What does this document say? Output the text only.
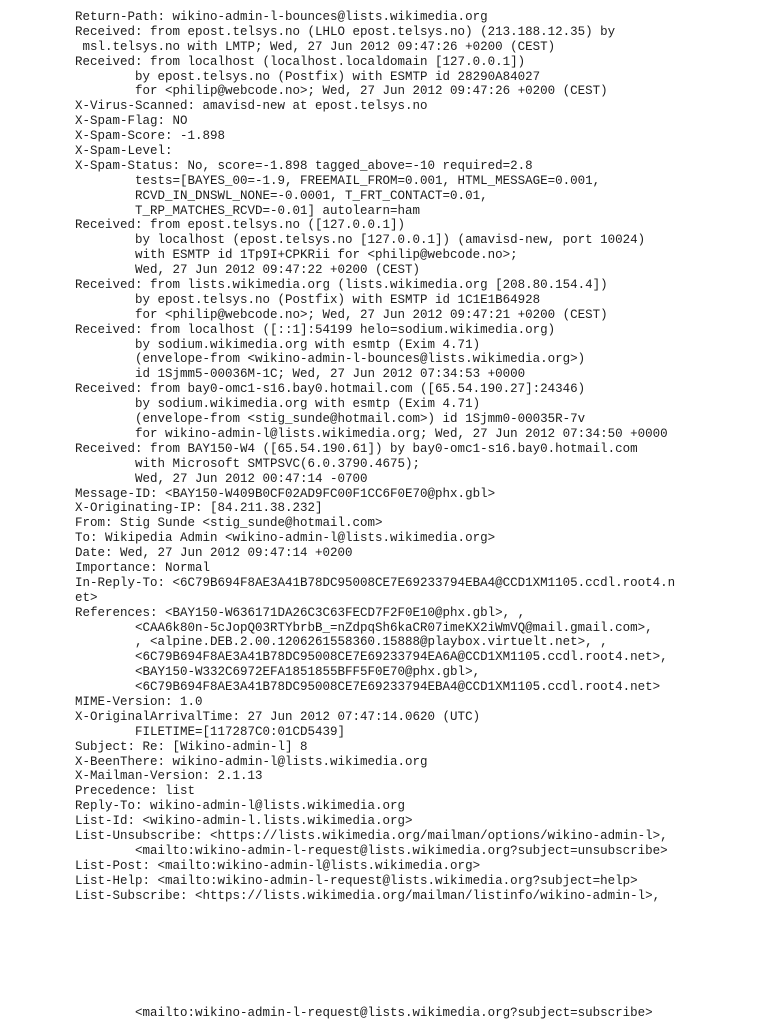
Return-Path: wikino-admin-l-bounces@lists.wikimedia.org
Received: from epost.telsys.no (LHLO epost.telsys.no) (213.188.12.35) by
msl.telsys.no with LMTP; Wed, 27 Jun 2012 09:47:26 +0200 (CEST)
Received: from localhost (localhost.localdomain [127.0.0.1])
by epost.telsys.no (Postfix) with ESMTP id 28290A84027
for <philip@webcode.no>; Wed, 27 Jun 2012 09:47:26 +0200 (CEST)
X-Virus-Scanned: amavisd-new at epost.telsys.no
X-Spam-Flag: NO
X-Spam-Score: -1.898
X-Spam-Level:
X-Spam-Status: No, score=-1.898 tagged_above=-10 required=2.8
tests=[BAYES_00=-1.9, FREEMAIL_FROM=0.001, HTML_MESSAGE=0.001,
RCVD_IN_DNSWL_NONE=-0.0001, T_FRT_CONTACT=0.01,
T_RP_MATCHES_RCVD=-0.01] autolearn=ham
Received: from epost.telsys.no ([127.0.0.1])
by localhost (epost.telsys.no [127.0.0.1]) (amavisd-new, port 10024)
with ESMTP id 1Tp9I+CPKRii for <philip@webcode.no>;
Wed, 27 Jun 2012 09:47:22 +0200 (CEST)
Received: from lists.wikimedia.org (lists.wikimedia.org [208.80.154.4])
by epost.telsys.no (Postfix) with ESMTP id 1C1E1B64928
for <philip@webcode.no>; Wed, 27 Jun 2012 09:47:21 +0200 (CEST)
Received: from localhost ([::1]:54199 helo=sodium.wikimedia.org)
by sodium.wikimedia.org with esmtp (Exim 4.71)
(envelope-from <wikino-admin-l-bounces@lists.wikimedia.org>)
id 1Sjmm5-00036M-1C; Wed, 27 Jun 2012 07:34:53 +0000
Received: from bay0-omc1-s16.bay0.hotmail.com ([65.54.190.27]:24346)
by sodium.wikimedia.org with esmtp (Exim 4.71)
(envelope-from <stig_sunde@hotmail.com>) id 1Sjmm0-00035R-7v
for wikino-admin-l@lists.wikimedia.org; Wed, 27 Jun 2012 07:34:50 +0000
Received: from BAY150-W4 ([65.54.190.61]) by bay0-omc1-s16.bay0.hotmail.com
with Microsoft SMTPSVC(6.0.3790.4675);
Wed, 27 Jun 2012 00:47:14 -0700
Message-ID: <BAY150-W409B0CF02AD9FC00F1CC6F0E70@phx.gbl>
X-Originating-IP: [84.211.38.232]
From: Stig Sunde <stig_sunde@hotmail.com>
To: Wikipedia Admin <wikino-admin-l@lists.wikimedia.org>
Date: Wed, 27 Jun 2012 09:47:14 +0200
Importance: Normal
In-Reply-To: <6C79B694F8AE3A41B78DC95008CE7E69233794EBA4@CCD1XM1105.ccdl.root4.n
et>
References: <BAY150-W636171DA26C3C63FECD7F2F0E10@phx.gbl>, ,
<CAA6k80n-5cJopQ03RTYbrbB_=nZdpqSh6kaCR07imeKX2iWmVQ@mail.gmail.com>,
, <alpine.DEB.2.00.1206261558360.15888@playbox.virtuelt.net>, ,
<6C79B694F8AE3A41B78DC95008CE7E69233794EA6A@CCD1XM1105.ccdl.root4.net>,
<BAY150-W332C6972EFA1851855BFF5F0E70@phx.gbl>,
<6C79B694F8AE3A41B78DC95008CE7E69233794EBA4@CCD1XM1105.ccdl.root4.net>
MIME-Version: 1.0
X-OriginalArrivalTime: 27 Jun 2012 07:47:14.0620 (UTC)
FILETIME=[117287C0:01CD5439]
Subject: Re: [Wikino-admin-l] 8
X-BeenThere: wikino-admin-l@lists.wikimedia.org
X-Mailman-Version: 2.1.13
Precedence: list
Reply-To: wikino-admin-l@lists.wikimedia.org
List-Id: <wikino-admin-l.lists.wikimedia.org>
List-Unsubscribe: <https://lists.wikimedia.org/mailman/options/wikino-admin-l>,
<mailto:wikino-admin-l-request@lists.wikimedia.org?subject=unsubscribe>
List-Post: <mailto:wikino-admin-l@lists.wikimedia.org>
List-Help: <mailto:wikino-admin-l-request@lists.wikimedia.org?subject=help>
List-Subscribe: <https://lists.wikimedia.org/mailman/listinfo/wikino-admin-l>,
<mailto:wikino-admin-l-request@lists.wikimedia.org?subject=subscribe>
